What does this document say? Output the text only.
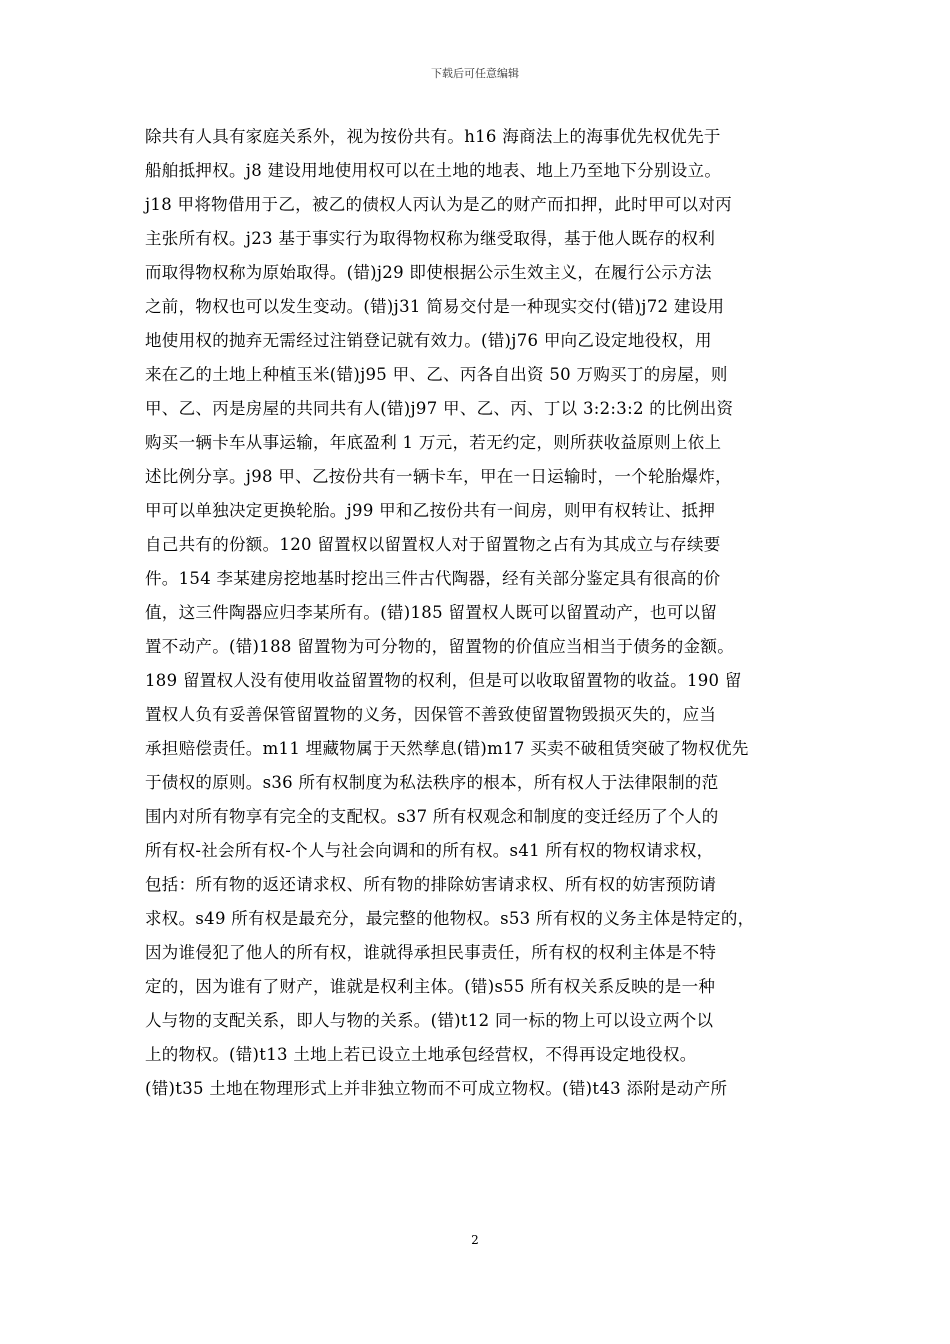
下载后可任意编辑
除共有人具有家庭关系外，视为按份共有。h16 海商法上的海事优先权优先于
船舶抵押权。j8 建设用地使用权可以在土地的地表、地上乃至地下分别设立。
j18 甲将物借用于乙，被乙的债权人丙认为是乙的财产而扣押，此时甲可以对丙
主张所有权。j23 基于事实行为取得物权称为继受取得，基于他人既存的权利
而取得物权称为原始取得。(错)j29 即使根据公示生效主义，在履行公示方法
之前，物权也可以发生变动。(错)j31 简易交付是一种现实交付(错)j72 建设用
地使用权的抛弃无需经过注销登记就有效力。(错)j76 甲向乙设定地役权，用
来在乙的土地上种植玉米(错)j95 甲、乙、丙各自出资 50 万购买丁的房屋，则
甲、乙、丙是房屋的共同共有人(错)j97 甲、乙、丙、丁以 3:2:3:2 的比例出资
购买一辆卡车从事运输，年底盈利 1 万元，若无约定，则所获收益原则上依上
述比例分享。j98 甲、乙按份共有一辆卡车，甲在一日运输时，一个轮胎爆炸，
甲可以单独决定更换轮胎。j99 甲和乙按份共有一间房，则甲有权转让、抵押
自己共有的份额。120 留置权以留置权人对于留置物之占有为其成立与存续要
件。154 李某建房挖地基时挖出三件古代陶器，经有关部分鉴定具有很高的价
值，这三件陶器应归李某所有。(错)185 留置权人既可以留置动产，也可以留
置不动产。(错)188 留置物为可分物的，留置物的价值应当相当于债务的金额。
189 留置权人没有使用收益留置物的权利，但是可以收取留置物的收益。190 留
置权人负有妥善保管留置物的义务，因保管不善致使留置物毁损灭失的，应当
承担赔偿责任。m11 埋藏物属于天然孳息(错)m17 买卖不破租赁突破了物权优先
于债权的原则。s36 所有权制度为私法秩序的根本，所有权人于法律限制的范
围内对所有物享有完全的支配权。s37 所有权观念和制度的变迁经历了个人的
所有权-社会所有权-个人与社会向调和的所有权。s41 所有权的物权请求权，
包括：所有物的返还请求权、所有物的排除妨害请求权、所有权的妨害预防请
求权。s49 所有权是最充分，最完整的他物权。s53 所有权的义务主体是特定的，
因为谁侵犯了他人的所有权，谁就得承担民事责任，所有权的权利主体是不特
定的，因为谁有了财产，谁就是权利主体。(错)s55 所有权关系反映的是一种
人与物的支配关系，即人与物的关系。(错)t12 同一标的物上可以设立两个以
上的物权。(错)t13 土地上若已设立土地承包经营权，不得再设定地役权。
(错)t35 土地在物理形式上并非独立物而不可成立物权。(错)t43 添附是动产所
2
